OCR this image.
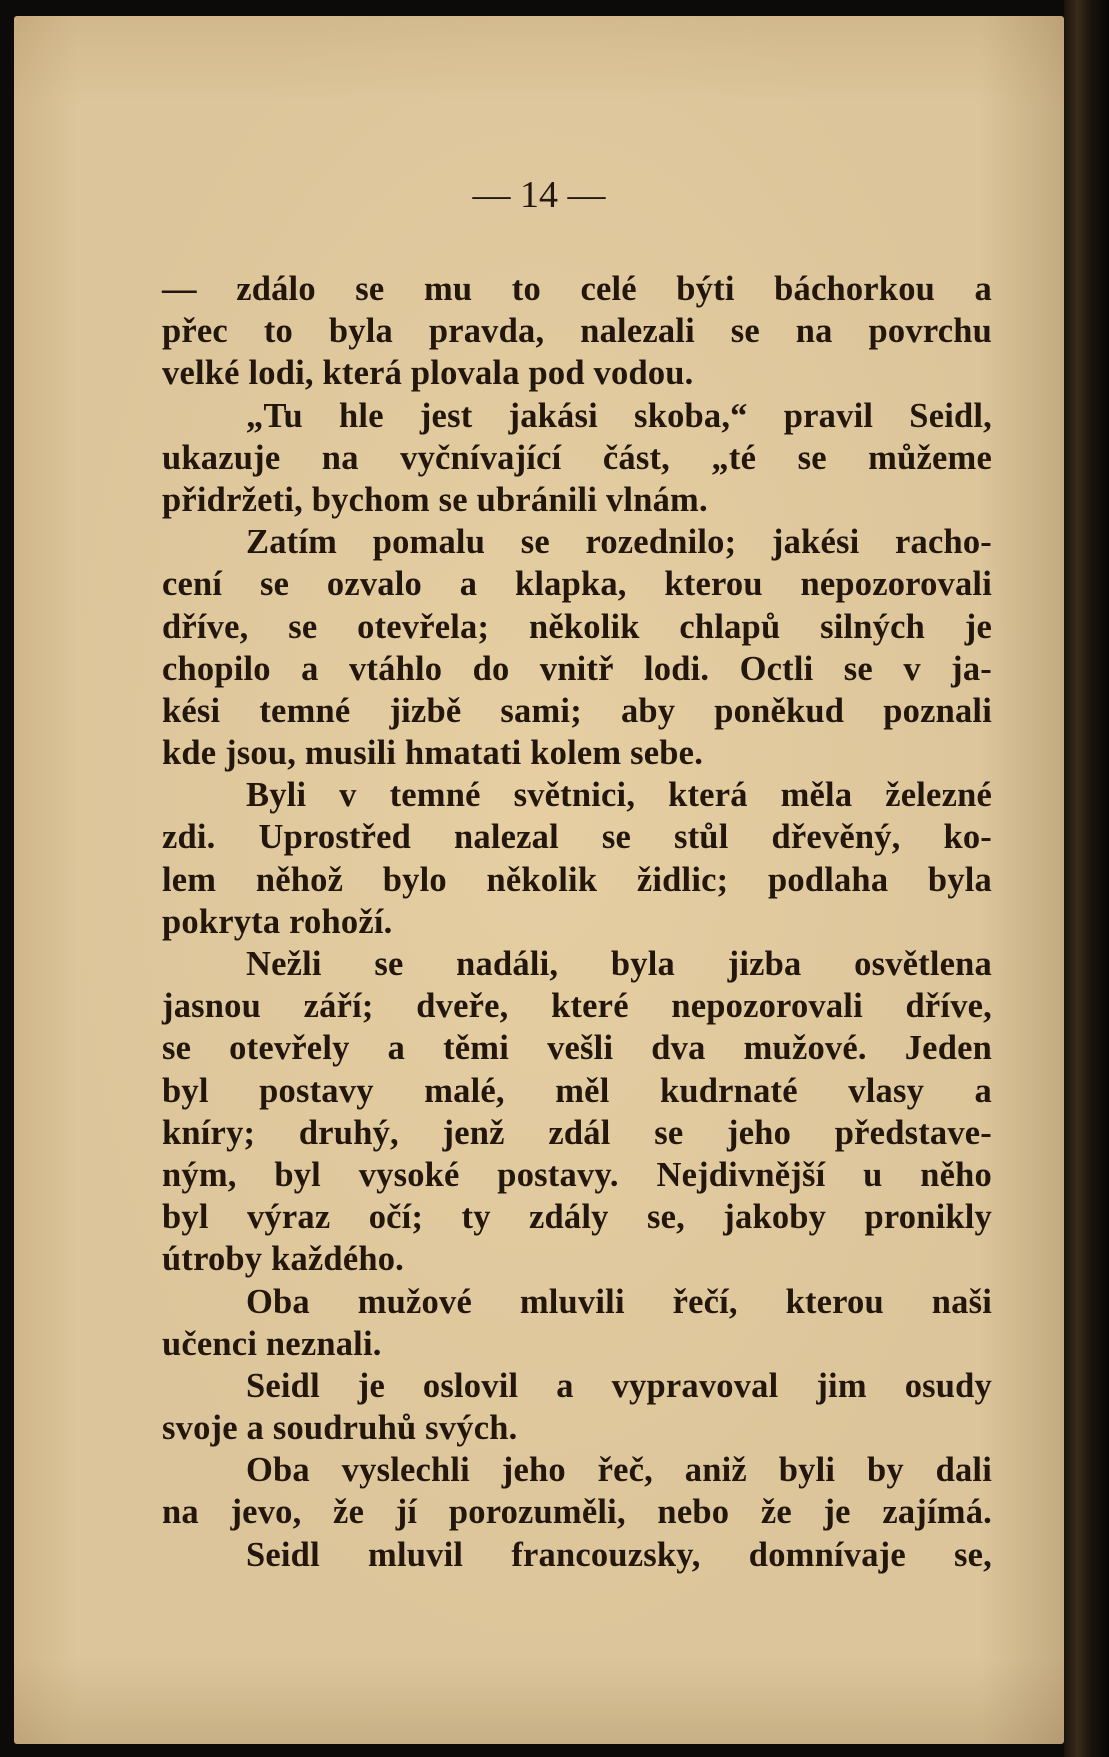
— 14 —

— zdálo se mu to celé býti báchorkou a
přec to byla pravda, nalezali se na povrchu
velké lodi, která plovala pod vodou.
„Tu hle jest jakási skoba,“ pravil Seidl,
ukazuje na vyčnívající část, „té se můžeme
přidržeti, bychom se ubránili vlnám.
Zatím pomalu se rozednilo; jakési racho-
cení se ozvalo a klapka, kterou nepozorovali
dříve, se otevřela; několik chlapů silných je
chopilo a vtáhlo do vnitř lodi. Octli se v ja-
kési temné jizbě sami; aby poněkud poznali
kde jsou, musili hmatati kolem sebe.
Byli v temné světnici, která měla železné
zdi. Uprostřed nalezal se stůl dřevěný, ko-
lem něhož bylo několik židlic; podlaha byla
pokryta rohoží.
Nežli se nadáli, byla jizba osvětlena
jasnou září; dveře, které nepozorovali dříve,
se otevřely a těmi vešli dva mužové. Jeden
byl postavy malé, měl kudrnaté vlasy a
kníry; druhý, jenž zdál se jeho představe-
ným, byl vysoké postavy. Nejdivnější u něho
byl výraz očí; ty zdály se, jakoby pronikly
útroby každého.
Oba mužové mluvili řečí, kterou naši
učenci neznali.
Seidl je oslovil a vypravoval jim osudy
svoje a soudruhů svých.
Oba vyslechli jeho řeč, aniž byli by dali
na jevo, že jí porozuměli, nebo že je zajímá.
Seidl mluvil francouzsky, domnívaje se,
